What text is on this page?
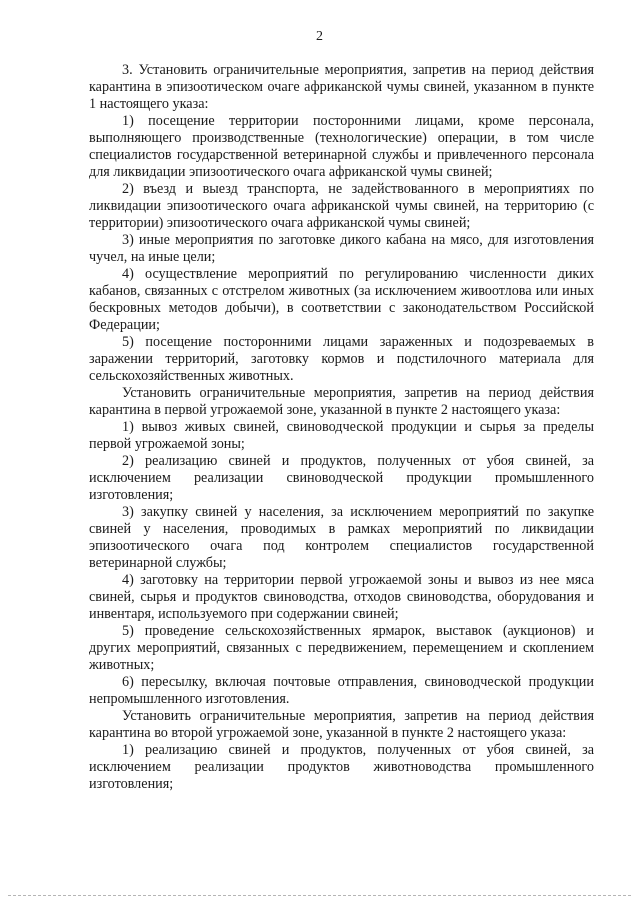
2

3. Установить ограничительные мероприятия, запретив на период действия карантина в эпизоотическом очаге африканской чумы свиней, указанном в пункте 1 настоящего указа:

1) посещение территории посторонними лицами, кроме персонала, выполняющего производственные (технологические) операции, в том числе специалистов государственной ветеринарной службы и привлеченного персонала для ликвидации эпизоотического очага африканской чумы свиней;

2) въезд и выезд транспорта, не задействованного в мероприятиях по ликвидации эпизоотического очага африканской чумы свиней, на территорию (с территории) эпизоотического очага африканской чумы свиней;

3) иные мероприятия по заготовке дикого кабана на мясо, для изготовления чучел, на иные цели;

4) осуществление мероприятий по регулированию численности диких кабанов, связанных с отстрелом животных (за исключением живоотлова или иных бескровных методов добычи), в соответствии с законодательством Российской Федерации;

5) посещение посторонними лицами зараженных и подозреваемых в заражении территорий, заготовку кормов и подстилочного материала для сельскохозяйственных животных.

Установить ограничительные мероприятия, запретив на период действия карантина в первой угрожаемой зоне, указанной в пункте 2 настоящего указа:

1) вывоз живых свиней, свиноводческой продукции и сырья за пределы первой угрожаемой зоны;

2) реализацию свиней и продуктов, полученных от убоя свиней, за исключением реализации свиноводческой продукции промышленного изготовления;

3) закупку свиней у населения, за исключением мероприятий по закупке свиней у населения, проводимых в рамках мероприятий по ликвидации эпизоотического очага под контролем специалистов государственной ветеринарной службы;

4) заготовку на территории первой угрожаемой зоны и вывоз из нее мяса свиней, сырья и продуктов свиноводства, отходов свиноводства, оборудования и инвентаря, используемого при содержании свиней;

5) проведение сельскохозяйственных ярмарок, выставок (аукционов) и других мероприятий, связанных с передвижением, перемещением и скоплением животных;

6) пересылку, включая почтовые отправления, свиноводческой продукции непромышленного изготовления.

Установить ограничительные мероприятия, запретив на период действия карантина во второй угрожаемой зоне, указанной в пункте 2 настоящего указа:

1) реализацию свиней и продуктов, полученных от убоя свиней, за исключением реализации продуктов животноводства промышленного изготовления;
